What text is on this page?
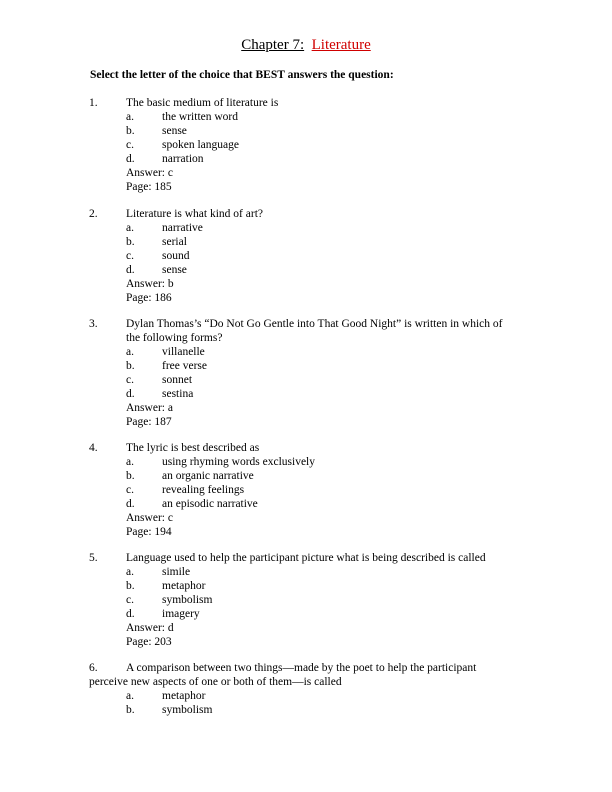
Chapter 7: Literature
Select the letter of the choice that BEST answers the question:
1. The basic medium of literature is
a. the written word
b. sense
c. spoken language
d. narration
Answer: c
Page: 185
2. Literature is what kind of art?
a. narrative
b. serial
c. sound
d. sense
Answer: b
Page: 186
3. Dylan Thomas’s “Do Not Go Gentle into That Good Night” is written in which of
the following forms?
a. villanelle
b. free verse
c. sonnet
d. sestina
Answer: a
Page: 187
4. The lyric is best described as
a. using rhyming words exclusively
b. an organic narrative
c. revealing feelings
d. an episodic narrative
Answer: c
Page: 194
5. Language used to help the participant picture what is being described is called
a. simile
b. metaphor
c. symbolism
d. imagery
Answer: d
Page: 203
6. A comparison between two things—made by the poet to help the participant
perceive new aspects of one or both of them—is called
a. metaphor
b. symbolism
